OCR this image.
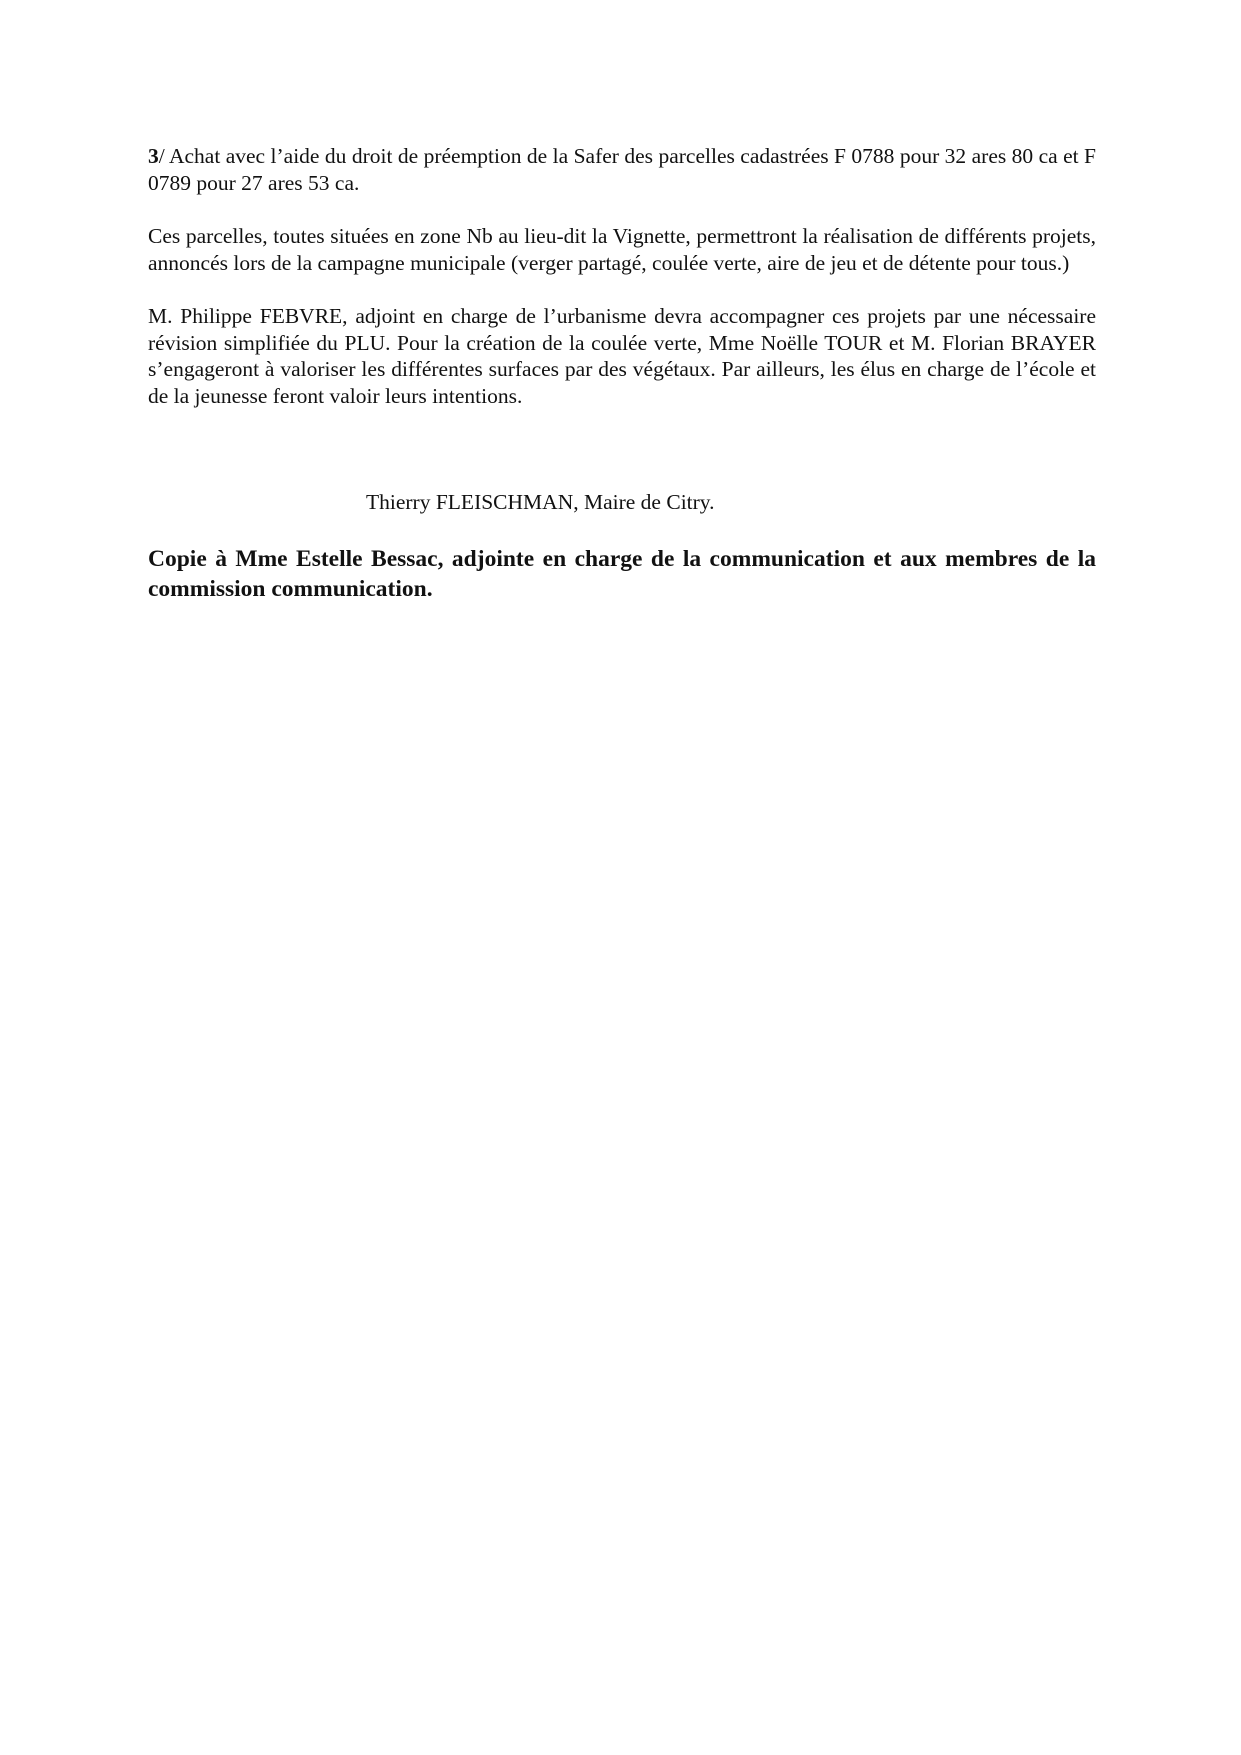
3/ Achat avec l’aide du droit de préemption de la Safer des parcelles cadastrées F 0788 pour 32 ares 80 ca et F 0789 pour 27 ares 53 ca.

Ces parcelles, toutes situées en zone Nb au lieu-dit la Vignette, permettront la réalisation de différents projets, annoncés lors de la campagne municipale (verger partagé, coulée verte, aire de jeu et de détente pour tous.)

M. Philippe FEBVRE, adjoint en charge de l’urbanisme devra accompagner ces projets par une nécessaire révision simplifiée du PLU. Pour la création de la coulée verte, Mme Noëlle TOUR et M. Florian BRAYER s’engageront à valoriser les différentes surfaces par des végétaux. Par ailleurs, les élus en charge de l’école et de la jeunesse feront valoir leurs intentions.

Thierry FLEISCHMAN, Maire de Citry.

Copie à Mme Estelle Bessac, adjointe en charge de la communication et aux membres de la commission communication.
